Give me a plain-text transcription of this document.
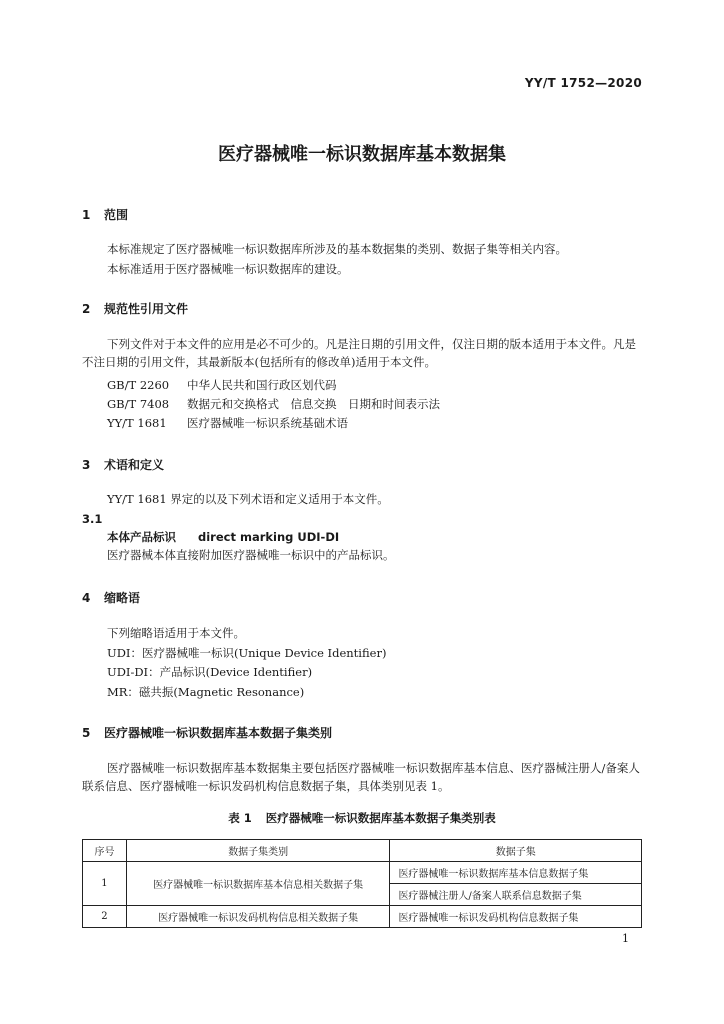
YY/T 1752—2020
医疗器械唯一标识数据库基本数据集
1 范围
本标准规定了医疗器械唯一标识数据库所涉及的基本数据集的类别、数据子集等相关内容。
本标准适用于医疗器械唯一标识数据库的建设。
2 规范性引用文件
下列文件对于本文件的应用是必不可少的。凡是注日期的引用文件，仅注日期的版本适用于本文件。凡是不注日期的引用文件，其最新版本(包括所有的修改单)适用于本文件。
GB/T 2260 中华人民共和国行政区划代码
GB/T 7408 数据元和交换格式　信息交换　日期和时间表示法
YY/T 1681 医疗器械唯一标识系统基础术语
3 术语和定义
YY/T 1681 界定的以及下列术语和定义适用于本文件。
3.1
本体产品标识 direct marking UDI-DI
医疗器械本体直接附加医疗器械唯一标识中的产品标识。
4 缩略语
下列缩略语适用于本文件。
UDI：医疗器械唯一标识(Unique Device Identifier)
UDI-DI：产品标识(Device Identifier)
MR：磁共振(Magnetic Resonance)
5 医疗器械唯一标识数据库基本数据子集类别
医疗器械唯一标识数据库基本数据集主要包括医疗器械唯一标识数据库基本信息、医疗器械注册人/备案人联系信息、医疗器械唯一标识发码机构信息数据子集，具体类别见表 1。
表 1 医疗器械唯一标识数据库基本数据子集类别表
序号	数据子集类别	数据子集
1	医疗器械唯一标识数据库基本信息相关数据子集	医疗器械唯一标识数据库基本信息数据子集
		医疗器械注册人/备案人联系信息数据子集
2	医疗器械唯一标识发码机构信息相关数据子集	医疗器械唯一标识发码机构信息数据子集
1
